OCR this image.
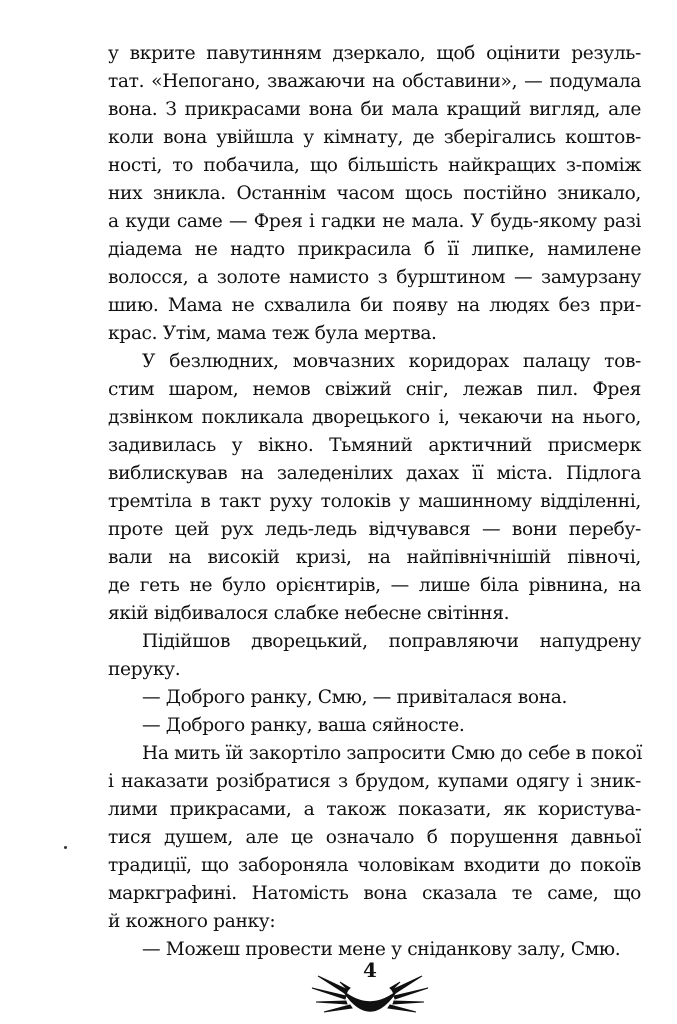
у вкрите павутинням дзеркало, щоб оцінити резуль-
тат. «Непогано, зважаючи на обставини», — подумала
вона. З прикрасами вона би мала кращий вигляд, але
коли вона увійшла у кімнату, де зберігались коштов-
ності, то побачила, що більшість найкращих з-поміж
них зникла. Останнім часом щось постійно зникало,
а куди саме — Фрея і гадки не мала. У будь-якому разі
діадема не надто прикрасила б її липке, намилене
волосся, а золоте намисто з бурштином — замурзану
шию. Мама не схвалила би появу на людях без при-
крас. Утім, мама теж була мертва.
У безлюдних, мовчазних коридорах палацу тов-
стим шаром, немов свіжий сніг, лежав пил. Фрея
дзвінком покликала дворецького і, чекаючи на нього,
задивилась у вікно. Тьмяний арктичний присмерк
виблискував на заледенілих дахах її міста. Підлога
тремтіла в такт руху толоків у машинному відділенні,
проте цей рух ледь-ледь відчувався — вони перебу-
вали на високій кризі, на найпівнічнішій півночі,
де геть не було орієнтирів, — лише біла рівнина, на
якій відбивалося слабке небесне світіння.
Підійшов дворецький, поправляючи напудрену
перуку.
— Доброго ранку, Смю, — привіталася вона.
— Доброго ранку, ваша сяйносте.
На мить їй закортіло запросити Смю до себе в покої
і наказати розібратися з брудом, купами одягу і зник-
лими прикрасами, а також показати, як користува-
тися душем, але це означало б порушення давньої
традиції, що забороняла чоловікам входити до покоїв
маркграфині. Натомість вона сказала те саме, що
й кожного ранку:
— Можеш провести мене у сніданкову залу, Смю.
4
